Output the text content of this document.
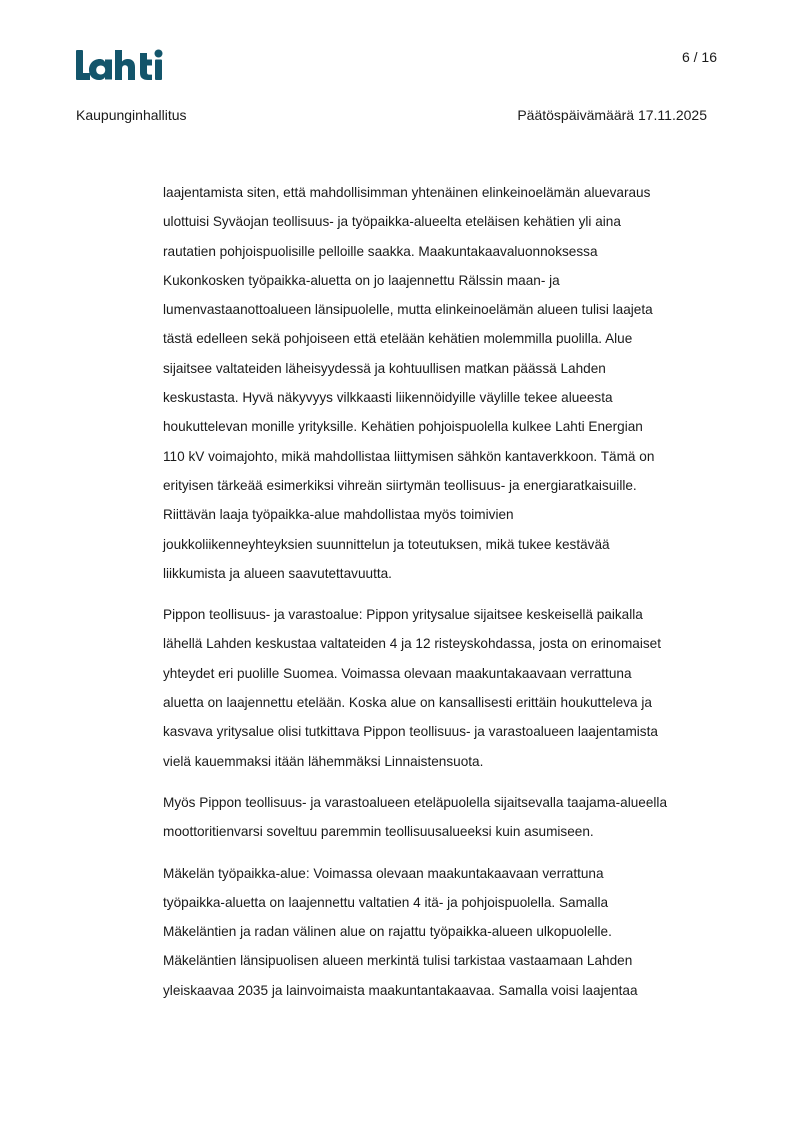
6 / 16
Kaupunginhallitus	Päätöspäivämäärä 17.11.2025
laajentamista siten, että mahdollisimman yhtenäinen elinkeinoelämän aluevaraus
ulottuisi Syväojan teollisuus- ja työpaikka-alueelta eteläisen kehätien yli aina
rautatien pohjoispuolisille pelloille saakka. Maakuntakaavaluonnoksessa
Kukonkosken työpaikka-aluetta on jo laajennettu Rälssin maan- ja
lumenvastaanottoalueen länsipuolelle, mutta elinkeinoelämän alueen tulisi laajeta
tästä edelleen sekä pohjoiseen että etelään kehätien molemmilla puolilla. Alue
sijaitsee valtateiden läheisyydessä ja kohtuullisen matkan päässä Lahden
keskustasta. Hyvä näkyvyys vilkkaasti liikennöidyille väylille tekee alueesta
houkuttelevan monille yrityksille. Kehätien pohjoispuolella kulkee Lahti Energian
110 kV voimajohto, mikä mahdollistaa liittymisen sähkön kantaverkkoon. Tämä on
erityisen tärkeää esimerkiksi vihreän siirtymän teollisuus- ja energiaratkaisuille.
Riittävän laaja työpaikka-alue mahdollistaa myös toimivien
joukkoliikenneyhteyksien suunnittelun ja toteutuksen, mikä tukee kestävää
liikkumista ja alueen saavutettavuutta.
Pippon teollisuus- ja varastoalue: Pippon yritysalue sijaitsee keskeisellä paikalla
lähellä Lahden keskustaa valtateiden 4 ja 12 risteyskohdassa, josta on erinomaiset
yhteydet eri puolille Suomea. Voimassa olevaan maakuntakaavaan verrattuna
aluetta on laajennettu etelään. Koska alue on kansallisesti erittäin houkutteleva ja
kasvava yritysalue olisi tutkittava Pippon teollisuus- ja varastoalueen laajentamista
vielä kauemmaksi itään lähemmäksi Linnaistensuota.
Myös Pippon teollisuus- ja varastoalueen eteläpuolella sijaitsevalla taajama-alueella
moottoritienvarsi soveltuu paremmin teollisuusalueeksi kuin asumiseen.
Mäkelän työpaikka-alue: Voimassa olevaan maakuntakaavaan verrattuna
työpaikka-aluetta on laajennettu valtatien 4 itä- ja pohjoispuolella. Samalla
Mäkeläntien ja radan välinen alue on rajattu työpaikka-alueen ulkopuolelle.
Mäkeläntien länsipuolisen alueen merkintä tulisi tarkistaa vastaamaan Lahden
yleiskaavaa 2035 ja lainvoimaista maakuntantakaavaa. Samalla voisi laajentaa
